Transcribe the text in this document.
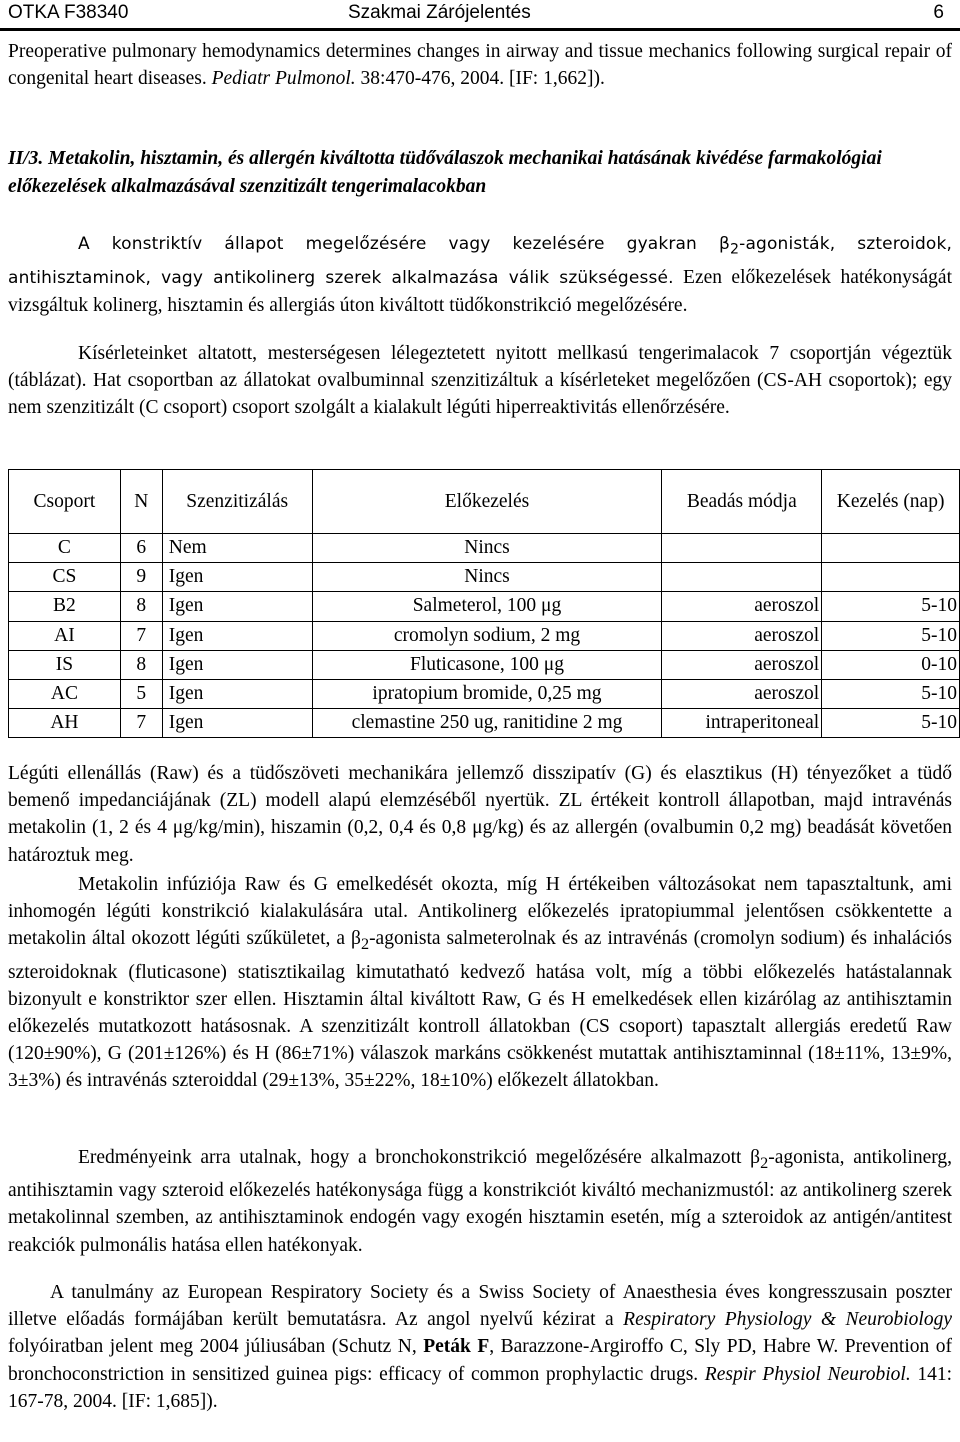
OTKA F38340	Szakmai Zárójelentés	6
Preoperative pulmonary hemodynamics determines changes in airway and tissue mechanics following surgical repair of congenital heart diseases. Pediatr Pulmonol. 38:470-476, 2004. [IF: 1,662]).
II/3. Metakolin, hisztamin, és allergén kiváltotta tüdőválaszok mechanikai hatásának kivédése farmakológiai előkezelések alkalmazásával szenzitizált tengerimalacokban
A konstriktív állapot megelőzésére vagy kezelésére gyakran $\beta_2$-agonisták, szteroidok, antihisztaminok, vagy antikolinerg szerek alkalmazása válik szükségessé. Ezen előkezelések hatékonyságát vizsgáltuk kolinerg, hisztamin és allergiás úton kiváltott tüdőkonstrikció megelőzésére.
Kísérleteinket altatott, mesterségesen lélegeztetett nyitott mellkasú tengerimalacok 7 csoportján végeztük (táblázat). Hat csoportban az állatokat ovalbuminnal szenzitizáltuk a kísérleteket megelőzően (CS-AH csoportok); egy nem szenzitizált (C csoport) csoport szolgált a kialakult légúti hiperreaktivitás ellenőrzésére.
Csoport	N	Szenzitizálás	Előkezelés	Beadás módja	Kezelés (nap)
C	6	Nem	Nincs		
CS	9	Igen	Nincs		
B2	8	Igen	Salmeterol, 100 μg	aeroszol	5-10
AI	7	Igen	cromolyn sodium, 2 mg	aeroszol	5-10
IS	8	Igen	Fluticasone, 100 μg	aeroszol	0-10
AC	5	Igen	ipratopium bromide, 0,25 mg	aeroszol	5-10
AH	7	Igen	clemastine 250 ug, ranitidine 2 mg	intraperitoneal	5-10
Légúti ellenállás (Raw) és a tüdőszöveti mechanikára jellemző disszipatív (G) és elasztikus (H) tényezőket a tüdő bemenő impedanciájának (ZL) modell alapú elemzéséből nyertük. ZL értékeit kontroll állapotban, majd intravénás metakolin (1, 2 és 4 μg/kg/min), hiszamin (0,2, 0,4 és 0,8 μg/kg) és az allergén (ovalbumin 0,2 mg) beadását követően határoztuk meg.
Metakolin infúziója Raw és G emelkedését okozta, míg H értékeiben változásokat nem tapasztaltunk, ami inhomogén légúti konstrikció kialakulására utal. Antikolinerg előkezelés ipratopiummal jelentősen csökkentette a metakolin által okozott légúti szűkületet, a $\beta_2$-agonista salmeterolnak és az intravénás (cromolyn sodium) és inhalációs szteroidoknak (fluticasone) statisztikailag kimutatható kedvező hatása volt, míg a többi előkezelés hatástalannak bizonyult e konstriktor szer ellen. Hisztamin által kiváltott Raw, G és H emelkedések ellen kizárólag az antihisztamin előkezelés mutatkozott hatásosnak. A szenzitizált kontroll állatokban (CS csoport) tapasztalt allergiás eredetű Raw (120±90%), G (201±126%) és H (86±71%) válaszok markáns csökkenést mutattak antihisztaminnal (18±11%, 13±9%, 3±3%) és intravénás szteroiddal (29±13%, 35±22%, 18±10%) előkezelt állatokban.
Eredményeink arra utalnak, hogy a bronchokonstrikció megelőzésére alkalmazott $\beta_2$-agonista, antikolinerg, antihisztamin vagy szteroid előkezelés hatékonysága függ a konstrikciót kiváltó mechanizmustól: az antikolinerg szerek metakolinnal szemben, az antihisztaminok endogén vagy exogén hisztamin esetén, míg a szteroidok az antigén/antitest reakciók pulmonális hatása ellen hatékonyak.
A tanulmány az European Respiratory Society és a Swiss Society of Anaesthesia éves kongresszusain poszter illetve előadás formájában került bemutatásra. Az angol nyelvű kézirat a Respiratory Physiology & Neurobiology folyóiratban jelent meg 2004 júliusában (Schutz N, Peták F, Barazzone-Argiroffo C, Sly PD, Habre W. Prevention of bronchoconstriction in sensitized guinea pigs: efficacy of common prophylactic drugs. Respir Physiol Neurobiol. 141: 167-78, 2004. [IF: 1,685]).
